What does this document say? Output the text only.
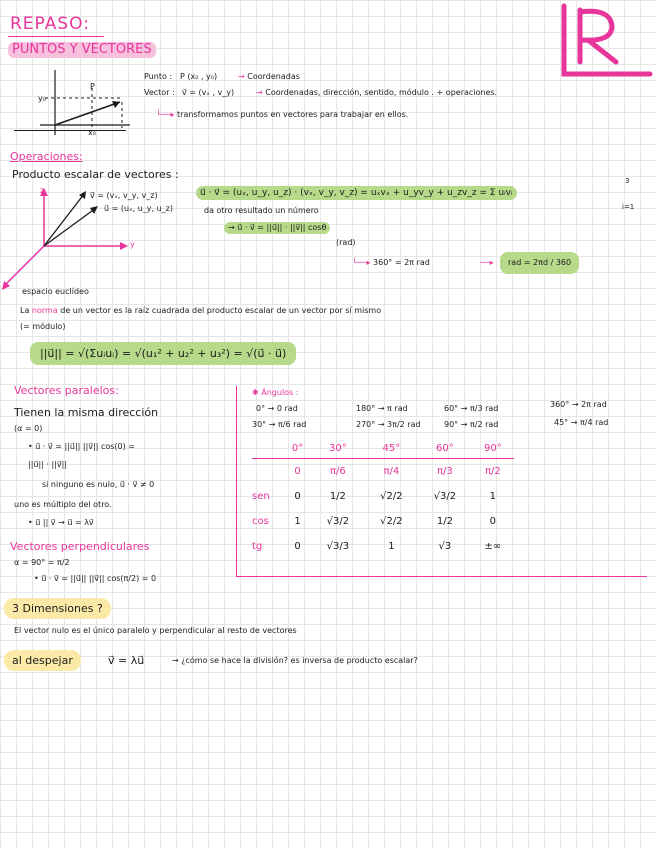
REPASO:
PUNTOS Y VECTORES
y₀
x₀
P
Punto : P (x₀ , y₀)	→ Coordenadas
Vector : v⃗ = (vₓ , v_y)	→ Coordenadas, dirección, sentido, módulo . + operaciones.
└──▸ transformamos puntos en vectores para trabajar en ellos.
Operaciones:
Producto escalar de vectores :
z
y
v⃗ = (vₓ, v_y, v_z)
u⃗ = (uₓ, u_y, u_z)
u⃗ · v⃗ = (uₓ, u_y, u_z) · (vₓ, v_y, v_z) = uₓvₓ + u_yv_y + u_zv_z = Σ uᵢvᵢ
3
i=1
da otro resultado un número
→ u⃗ · v⃗ = ||u⃗|| · ||v⃗|| cosθ
(rad)
└──▸ 360° = 2π rad	──▸	rad = 2πd / 360
espacio euclídeo
La norma de un vector es la raíz cuadrada del producto escalar de un vector por sí mismo
(= módulo)
||u⃗|| = √(Σuᵢuᵢ) = √(u₁² + u₂² + u₃²) = √(u⃗ · u⃗)
Vectores paralelos:
Tienen la misma dirección
(α = 0)
• u⃗ · v⃗ = ||u⃗|| ||v⃗|| cos(0) =
||u⃗|| · ||v⃗||
si ninguno es nulo, u⃗ · v⃗ ≠ 0
uno es múltiplo del otro.
• u⃗ || v⃗ → u⃗ = λv⃗
Vectores perpendiculares
α = 90° = π/2
• u⃗ · v⃗ = ||u⃗|| ||v⃗|| cos(π/2) = 0
✱ Ángulos :
0° → 0 rad	180° → π rad	60° → π/3 rad	360° → 2π rad
30° → π/6 rad	270° → 3π/2 rad	90° → π/2 rad	45° → π/4 rad
	0°	30°	45°	60°	90°
	0	π/6	π/4	π/3	π/2
sen	0	1/2	√2/2	√3/2	1
cos	1	√3/2	√2/2	1/2	0
tg	0	√3/3	1	√3	±∞
3 Dimensiones ?
El vector nulo es el único paralelo y perpendicular al resto de vectores
al despejar	v⃗ = λu⃗	→ ¿cómo se hace la división? es inversa de producto escalar?
